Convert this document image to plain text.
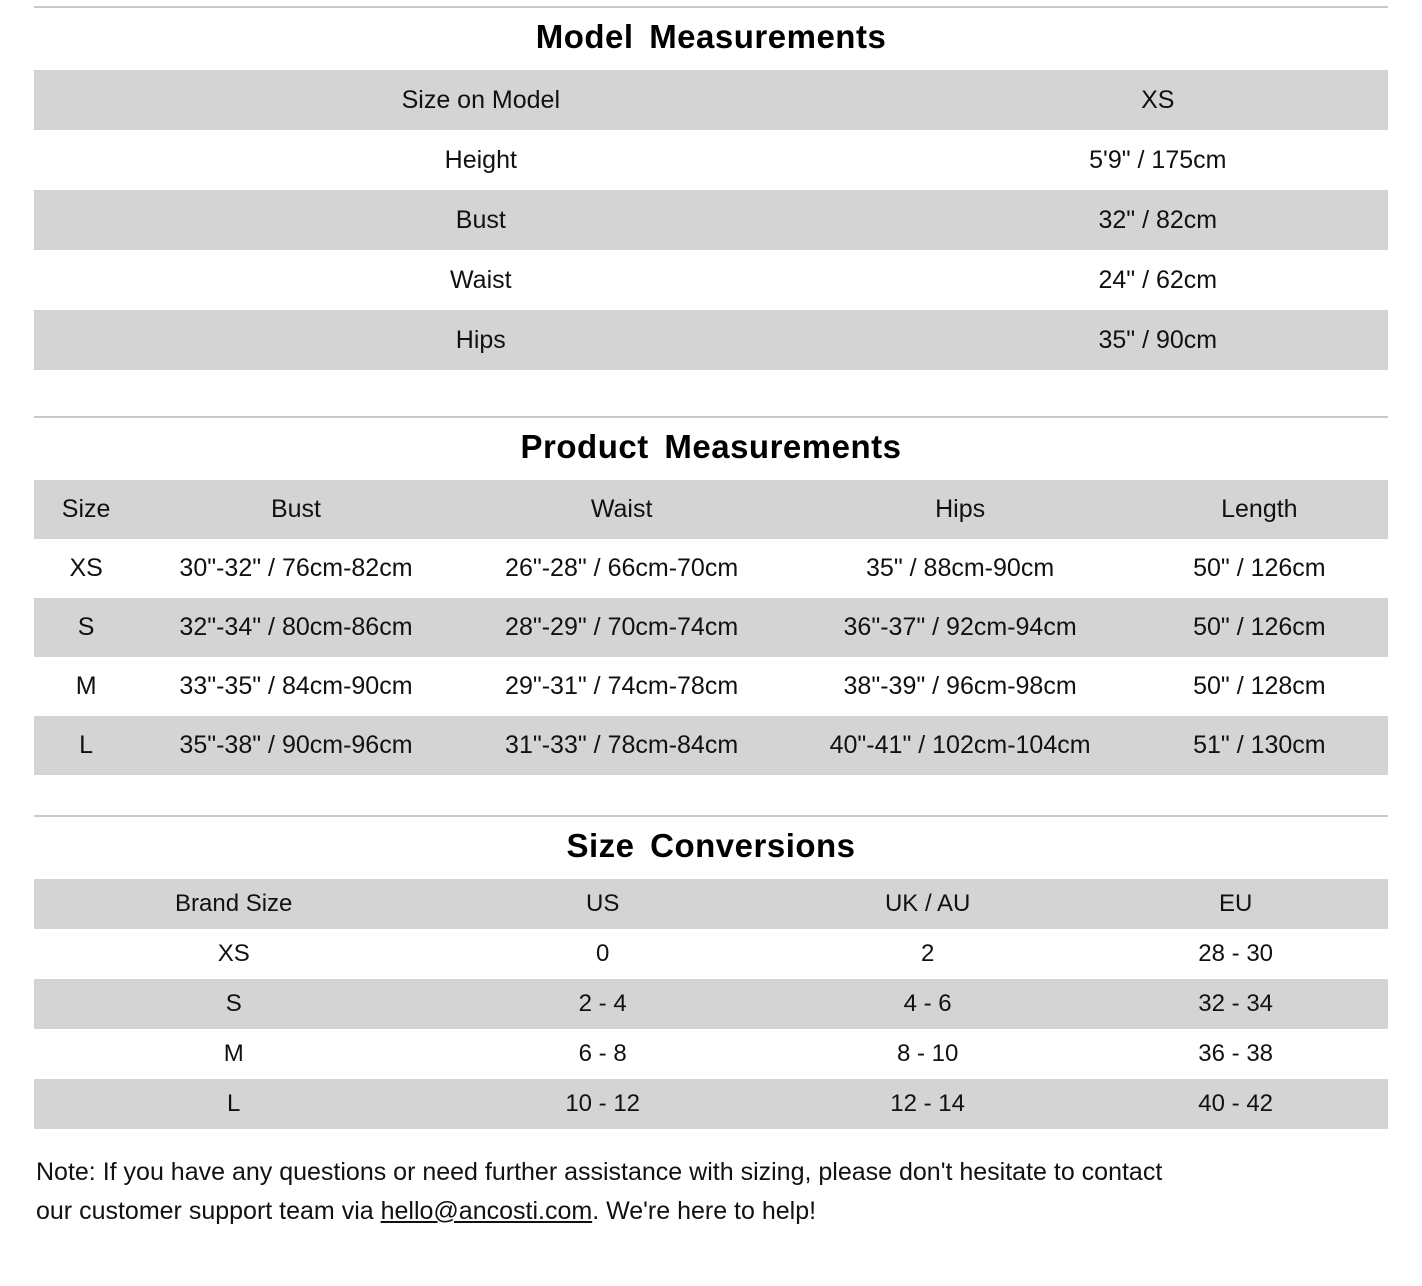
Model Measurements
Size on Model	XS
Height	5'9" / 175cm
Bust	32" / 82cm
Waist	24" / 62cm
Hips	35" / 90cm
Product Measurements
Size	Bust	Waist	Hips	Length
XS	30"-32" / 76cm-82cm	26"-28" / 66cm-70cm	35" / 88cm-90cm	50" / 126cm
S	32"-34" / 80cm-86cm	28"-29" / 70cm-74cm	36"-37" / 92cm-94cm	50" / 126cm
M	33"-35" / 84cm-90cm	29"-31" / 74cm-78cm	38"-39" / 96cm-98cm	50" / 128cm
L	35"-38" / 90cm-96cm	31"-33" / 78cm-84cm	40"-41" / 102cm-104cm	51" / 130cm
Size Conversions
Brand Size	US	UK / AU	EU
XS	0	2	28 - 30
S	2 - 4	4 - 6	32 - 34
M	6 - 8	8 - 10	36 - 38
L	10 - 12	12 - 14	40 - 42
Note: If you have any questions or need further assistance with sizing, please don't hesitate to contact
our customer support team via hello@ancosti.com. We're here to help!
